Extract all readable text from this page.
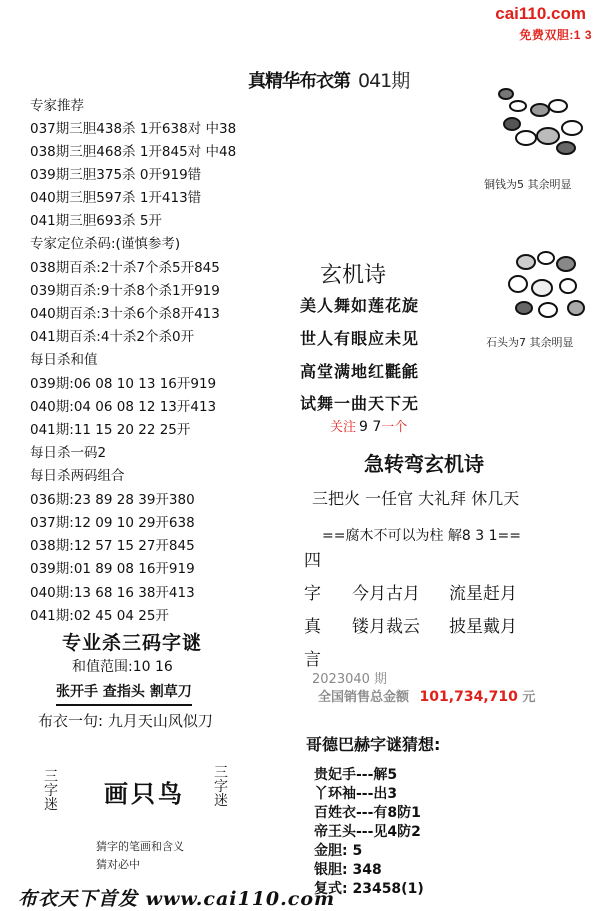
cai110.com
免费双胆:1 3
真精华布衣第 041期
专家推荐
037期三胆438杀 1开638对 中38
038期三胆468杀 1开845对 中48
039期三胆375杀 0开919错
040期三胆597杀 1开413错
041期三胆693杀 5开
专家定位杀码:(谨慎参考)
038期百杀:2十杀7个杀5开845
039期百杀:9十杀8个杀1开919
040期百杀:3十杀6个杀8开413
041期百杀:4十杀2个杀0开
每日杀和值
039期:06 08 10 13 16开919
040期:04 06 08 12 13开413
041期:11 15 20 22 25开
每日杀一码2
每日杀两码组合
036期:23 89 28 39开380
037期:12 09 10 29开638
038期:12 57 15 27开845
039期:01 89 08 16开919
040期:13 68 16 38开413
041期:02 45 04 25开
专业杀三码字谜
和值范围:10 16
张开手 查指头 割草刀
布衣一句: 九月天山风似刀
三字迷 画只鸟
三字迷
猜字的笔画和含义
猜对必中
铜钱为5 其余明显
石头为7 其余明显
玄机诗
美人舞如莲花旋
世人有眼应未见
高堂满地红氍毹
试舞一曲天下无
关注 9 7一个
急转弯玄机诗
三把火 一任官 大礼拜 休几天
==腐木不可以为柱 解8 3 1==
四
字
真
言
今月古月 流星赶月
镂月裁云 披星戴月
2023040 期
全国销售总金额 101,734,710 元
哥德巴赫字谜猜想:
贵妃手---解5
丫环袖---出3
百姓衣---有8防1
帝王头---见4防2
金胆: 5
银胆: 348
复式: 23458(1)
布衣天下首发 www.cai110.com
